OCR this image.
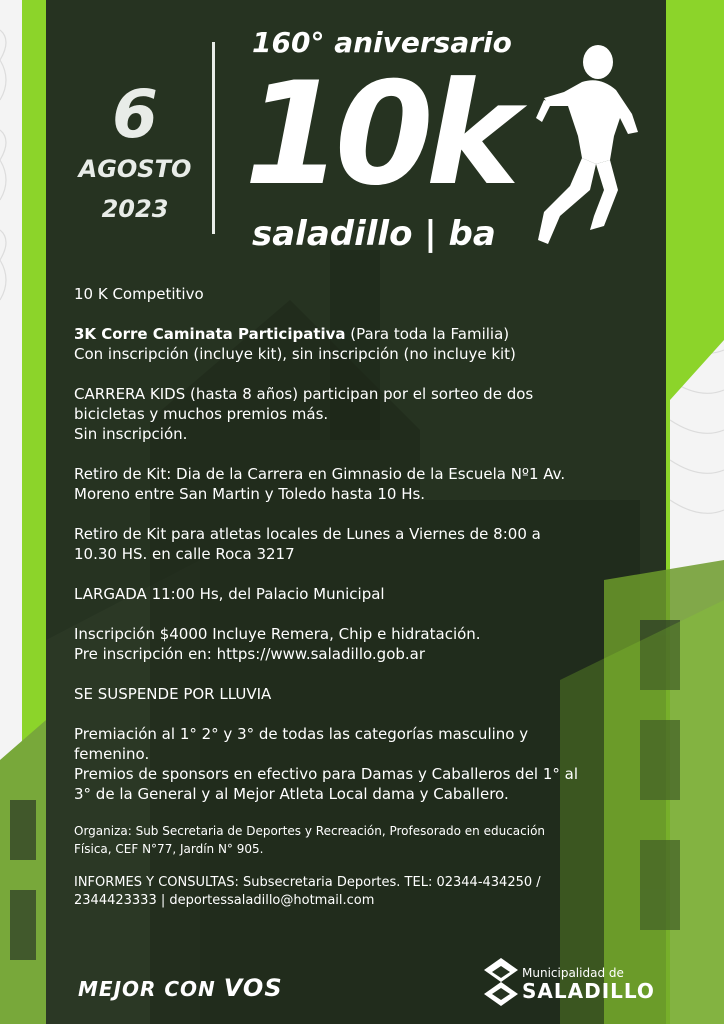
6
AGOSTO
2023
160° aniversario
10k
saladillo | ba

10 K Competitivo

3K Corre Caminata Participativa (Para toda la Familia)

Con inscripción (incluye kit), sin inscripción (no incluye kit)

CARRERA KIDS (hasta 8 años) participan por el sorteo de dos

bicicletas y muchos premios más.

Sin inscripción.

Retiro de Kit: Dia de la Carrera en Gimnasio de la Escuela Nº1 Av.

Moreno entre San Martin y Toledo hasta 10 Hs.

Retiro de Kit para atletas locales de Lunes a Viernes de 8:00 a

10.30 HS. en calle Roca 3217

LARGADA 11:00 Hs, del Palacio Municipal

Inscripción $4000 Incluye Remera, Chip e hidratación.

Pre inscripción en: https://www.saladillo.gob.ar

SE SUSPENDE POR LLUVIA

Premiación al 1° 2° y 3° de todas las categorías masculino y

femenino.

Premios de sponsors en efectivo para Damas y Caballeros del 1° al

3° de la General y al Mejor Atleta Local dama y Caballero.

Organiza: Sub Secretaria de Deportes y Recreación, Profesorado en educación

Física, CEF N°77, Jardín N° 905.

INFORMES Y CONSULTAS: Subsecretaria Deportes. TEL: 02344-434250 /

2344423333 | deportessaladillo@hotmail.com

MEJOR CON VOS
Municipalidad de
SALADILLO
